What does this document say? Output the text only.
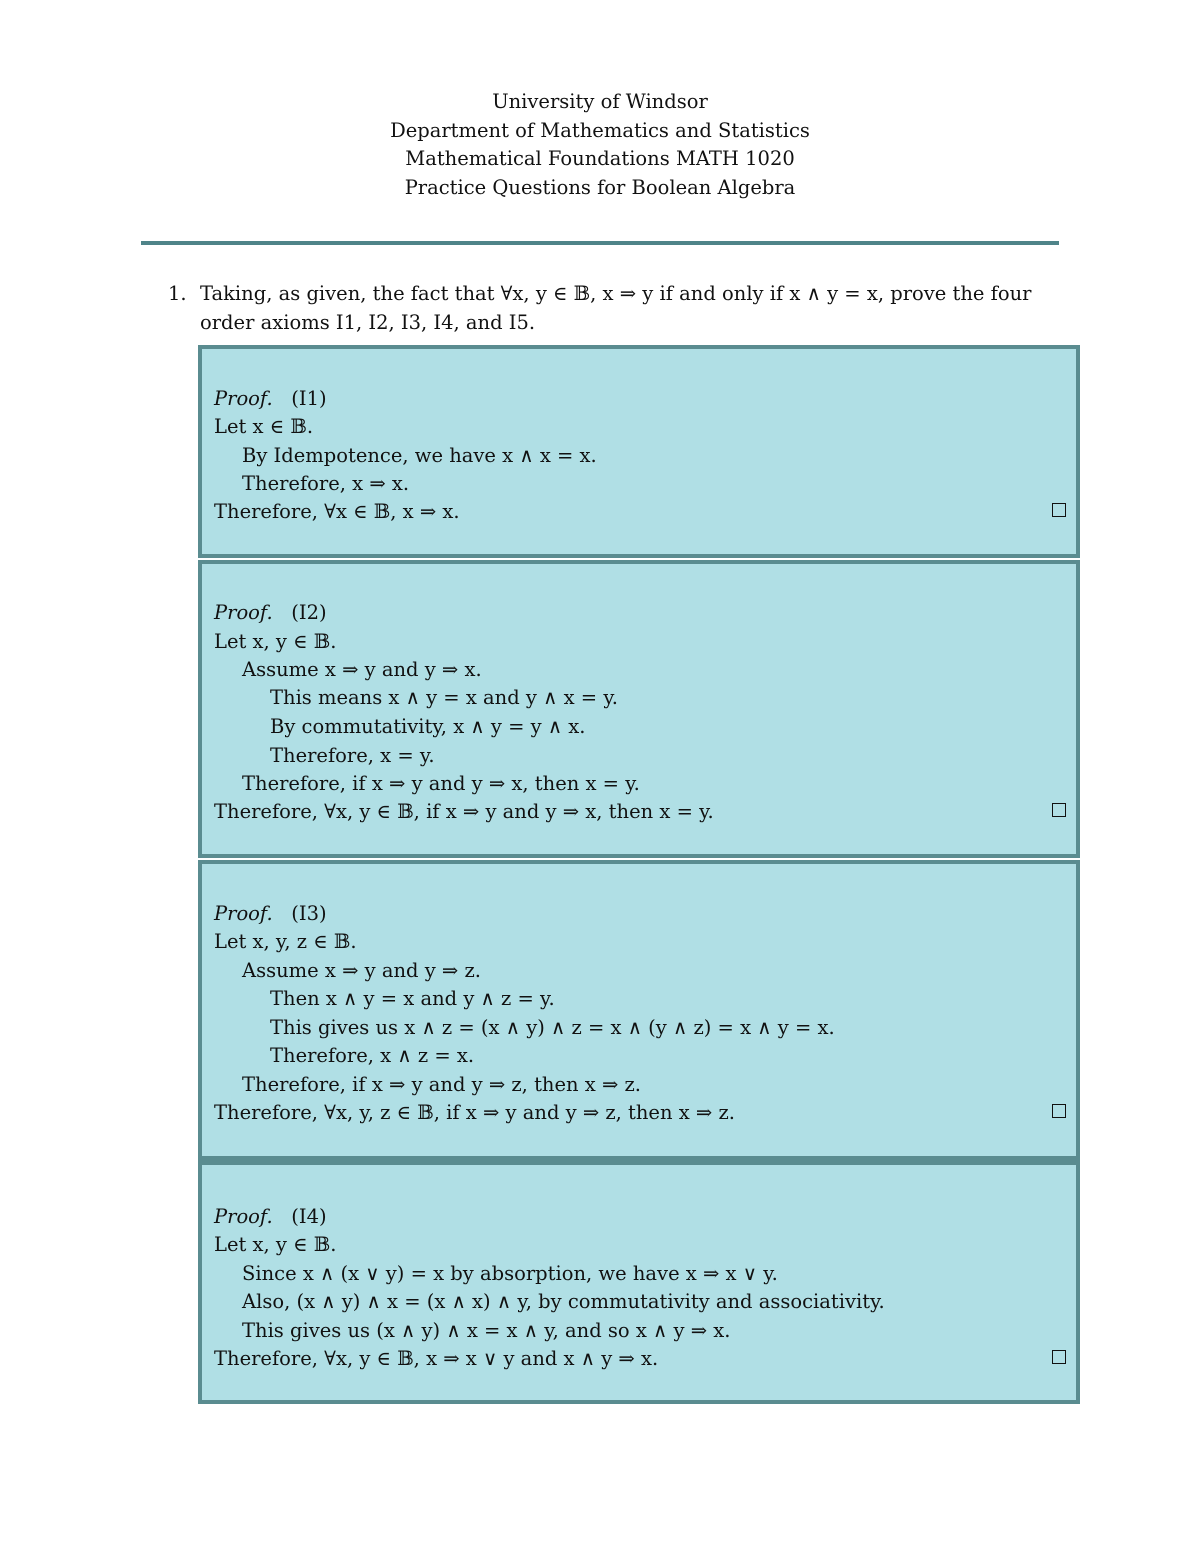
University of Windsor
Department of Mathematics and Statistics
Mathematical Foundations MATH 1020
Practice Questions for Boolean Algebra
1. Taking, as given, the fact that ∀x, y ∈ 𝔹, x ⇒ y if and only if x ∧ y = x, prove the four order axioms I1, I2, I3, I4, and I5.
Proof. (I1)
Let x ∈ 𝔹.
By Idempotence, we have x ∧ x = x.
Therefore, x ⇒ x.
Therefore, ∀x ∈ 𝔹, x ⇒ x.
Proof. (I2)
Let x, y ∈ 𝔹.
Assume x ⇒ y and y ⇒ x.
This means x ∧ y = x and y ∧ x = y.
By commutativity, x ∧ y = y ∧ x.
Therefore, x = y.
Therefore, if x ⇒ y and y ⇒ x, then x = y.
Therefore, ∀x, y ∈ 𝔹, if x ⇒ y and y ⇒ x, then x = y.
Proof. (I3)
Let x, y, z ∈ 𝔹.
Assume x ⇒ y and y ⇒ z.
Then x ∧ y = x and y ∧ z = y.
This gives us x ∧ z = (x ∧ y) ∧ z = x ∧ (y ∧ z) = x ∧ y = x.
Therefore, x ∧ z = x.
Therefore, if x ⇒ y and y ⇒ z, then x ⇒ z.
Therefore, ∀x, y, z ∈ 𝔹, if x ⇒ y and y ⇒ z, then x ⇒ z.
Proof. (I4)
Let x, y ∈ 𝔹.
Since x ∧ (x ∨ y) = x by absorption, we have x ⇒ x ∨ y.
Also, (x ∧ y) ∧ x = (x ∧ x) ∧ y, by commutativity and associativity.
This gives us (x ∧ y) ∧ x = x ∧ y, and so x ∧ y ⇒ x.
Therefore, ∀x, y ∈ 𝔹, x ⇒ x ∨ y and x ∧ y ⇒ x.
